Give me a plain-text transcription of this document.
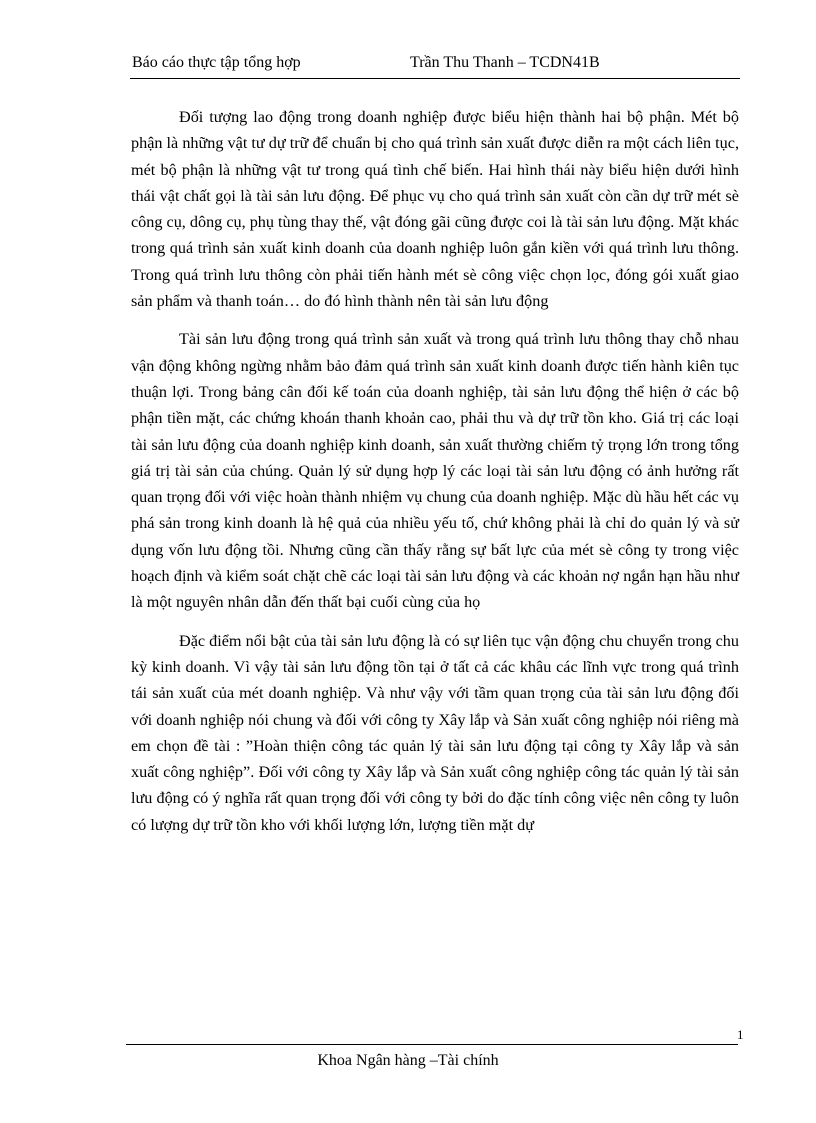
Báo cáo thực tập tổng hợp	Trần Thu Thanh – TCDN41B

Đối tượng lao động trong doanh nghiệp được biểu hiện thành hai bộ phận. Mét bộ phận là những vật tư dự trữ để chuẩn bị cho quá trình sản xuất được diễn ra một cách liên tục, mét bộ phận là những vật tư trong quá tình chế biến. Hai hình thái này biểu hiện dưới hình thái vật chất gọi là tài sản lưu động. Để phục vụ cho quá trình sản xuất còn cần dự trữ mét sè công cụ, dông cụ, phụ tùng thay thế, vật đóng gãi cũng được coi là tài sản lưu động. Mặt khác trong quá trình sản xuất kinh doanh của doanh nghiệp luôn gắn kiền với quá trình lưu thông. Trong quá trình lưu thông còn phải tiến hành mét sè công việc chọn lọc, đóng gói xuất giao sản phẩm và thanh toán… do đó hình thành nên tài sản lưu động

Tài sản lưu động trong quá trình sản xuất và trong quá trình lưu thông thay chỗ nhau vận động không ngừng nhằm bảo đảm quá trình sản xuất kinh doanh được tiến hành kiên tục thuận lợi. Trong bảng cân đối kế toán của doanh nghiệp, tài sản lưu động thể hiện ở các bộ phận tiền mặt, các chứng khoán thanh khoản cao, phải thu và dự trữ tồn kho. Giá trị các loại tài sản lưu động của doanh nghiệp kinh doanh, sản xuất thường chiếm tỷ trọng lớn trong tổng giá trị tài sản của chúng. Quản lý sử dụng hợp lý các loại tài sản lưu động có ảnh hưởng rất quan trọng đối với việc hoàn thành nhiệm vụ chung của doanh nghiệp. Mặc dù hầu hết các vụ phá sản trong kinh doanh là hệ quả của nhiều yếu tố, chứ không phải là chỉ do quản lý và sử dụng vốn lưu động tồi. Nhưng cũng cần thấy rằng sự bất lực của mét sè công ty trong việc hoạch định và kiểm soát chặt chẽ các loại tài sản lưu động và các khoản nợ ngắn hạn hầu như là một nguyên nhân dẫn đến thất bại cuối cùng của họ

Đặc điểm nổi bật của tài sản lưu động là có sự liên tục vận động chu chuyển trong chu kỳ kinh doanh. Vì vậy tài sản lưu động tồn tại ở tất cả các khâu các lĩnh vực trong quá trình tái sản xuất của mét doanh nghiệp. Và như vậy với tầm quan trọng của tài sản lưu động đối với doanh nghiệp nói chung và đối với công ty Xây lắp và Sản xuất công nghiệp nói riêng mà em chọn đề tài : ”Hoàn thiện công tác quản lý tài sản lưu động tại công ty Xây lắp và sản xuất công nghiệp”. Đối với công ty Xây lắp và Sản xuất công nghiệp công tác quản lý tài sản lưu động có ý nghĩa rất quan trọng đối với công ty bởi do đặc tính công việc nên công ty luôn có lượng dự trữ tồn kho với khối lượng lớn, lượng tiền mặt dự

1
Khoa Ngân hàng –Tài chính
